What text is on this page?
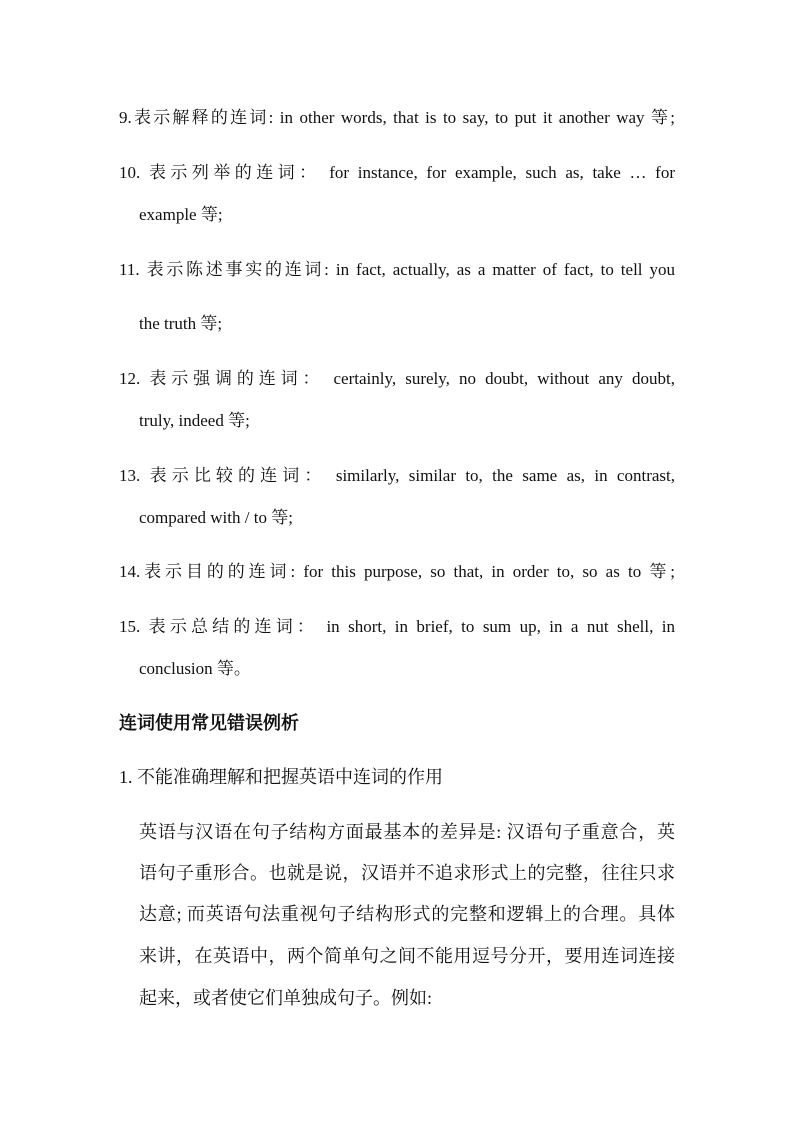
9.表示解释的连词: in other words, that is to say, to put it another way 等;
10. 表示列举的连词： for instance, for example, such as, take … for
example 等;
11. 表示陈述事实的连词: in fact, actually, as a matter of fact, to tell you
the truth 等;
12. 表示强调的连词： certainly, surely, no doubt, without any doubt,
truly, indeed 等;
13. 表示比较的连词： similarly, similar to, the same as, in contrast,
compared with / to 等;
14.表示目的的连词: for this purpose, so that, in order to, so as to 等;
15. 表示总结的连词： in short, in brief, to sum up, in a nut shell, in
conclusion 等。
连词使用常见错误例析
1. 不能准确理解和把握英语中连词的作用
英语与汉语在句子结构方面最基本的差异是: 汉语句子重意合，英
语句子重形合。也就是说，汉语并不追求形式上的完整，往往只求
达意; 而英语句法重视句子结构形式的完整和逻辑上的合理。具体
来讲，在英语中，两个简单句之间不能用逗号分开，要用连词连接
起来，或者使它们单独成句子。例如:
